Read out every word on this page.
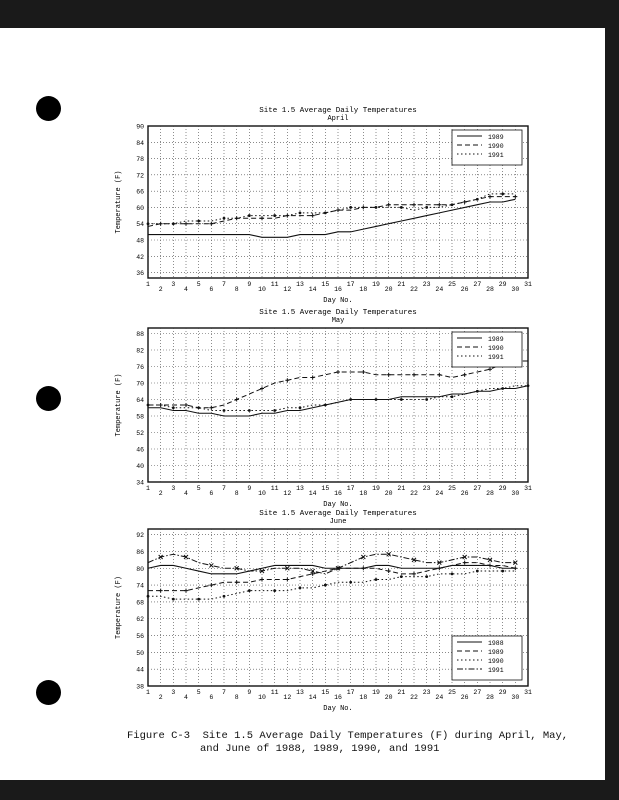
Site 1.5 Average Daily Temperatures
April
1
2
3
4
5
6
7
8
9
10
11
12
13
14
15
16
17
18
19
20
21
22
23
24
25
26
27
28
29
30
31
36
42
48
54
60
66
72
78
84
90
Day No.
Temperature (F)
1989
1990
1991
Site 1.5 Average Daily Temperatures
May
1
2
3
4
5
6
7
8
9
10
11
12
13
14
15
16
17
18
19
20
21
22
23
24
25
26
27
28
29
30
31
34
40
46
52
58
64
70
76
82
88
Day No.
Temperature (F)
1989
1990
1991
Site 1.5 Average Daily Temperatures
June
1
2
3
4
5
6
7
8
9
10
11
12
13
14
15
16
17
18
19
20
21
22
23
24
25
26
27
28
29
30
31
38
44
50
56
62
68
74
80
86
92
Day No.
Temperature (F)
1988
1989
1990
1991
Figure C-3  Site 1.5 Average Daily Temperatures (F) during April, May,
and June of 1988, 1989, 1990, and 1991
